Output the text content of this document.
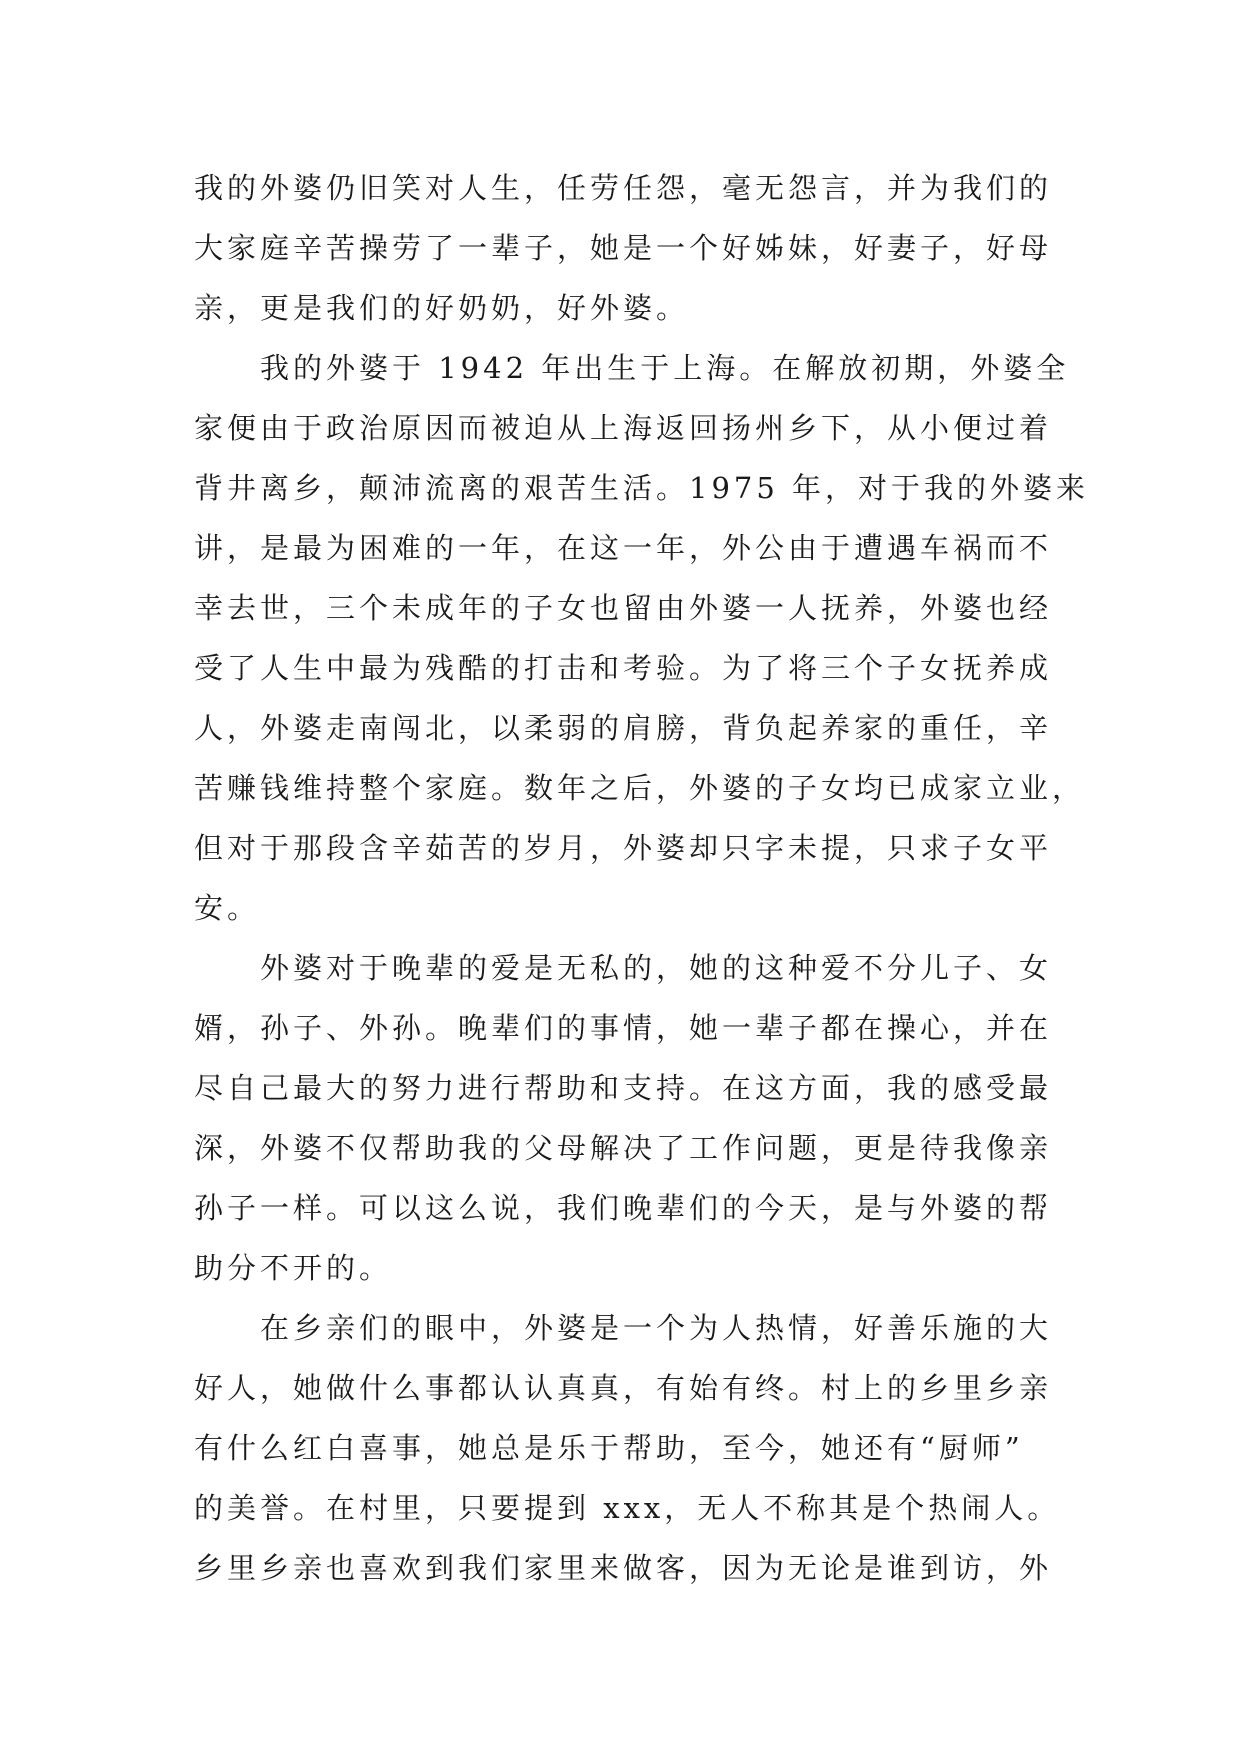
我的外婆仍旧笑对人生，任劳任怨，毫无怨言，并为我们的
大家庭辛苦操劳了一辈子，她是一个好姊妹，好妻子，好母
亲，更是我们的好奶奶，好外婆。

我的外婆于 1942 年出生于上海。在解放初期，外婆全
家便由于政治原因而被迫从上海返回扬州乡下，从小便过着
背井离乡，颠沛流离的艰苦生活。1975 年，对于我的外婆来
讲，是最为困难的一年，在这一年，外公由于遭遇车祸而不
幸去世，三个未成年的子女也留由外婆一人抚养，外婆也经
受了人生中最为残酷的打击和考验。为了将三个子女抚养成
人，外婆走南闯北，以柔弱的肩膀，背负起养家的重任，辛
苦赚钱维持整个家庭。数年之后，外婆的子女均已成家立业，
但对于那段含辛茹苦的岁月，外婆却只字未提，只求子女平
安。

外婆对于晚辈的爱是无私的，她的这种爱不分儿子、女
婿，孙子、外孙。晚辈们的事情，她一辈子都在操心，并在
尽自己最大的努力进行帮助和支持。在这方面，我的感受最
深，外婆不仅帮助我的父母解决了工作问题，更是待我像亲
孙子一样。可以这么说，我们晚辈们的今天，是与外婆的帮
助分不开的。

在乡亲们的眼中，外婆是一个为人热情，好善乐施的大
好人，她做什么事都认认真真，有始有终。村上的乡里乡亲
有什么红白喜事，她总是乐于帮助，至今，她还有“厨师”
的美誉。在村里，只要提到 xxx，无人不称其是个热闹人。
乡里乡亲也喜欢到我们家里来做客，因为无论是谁到访，外
